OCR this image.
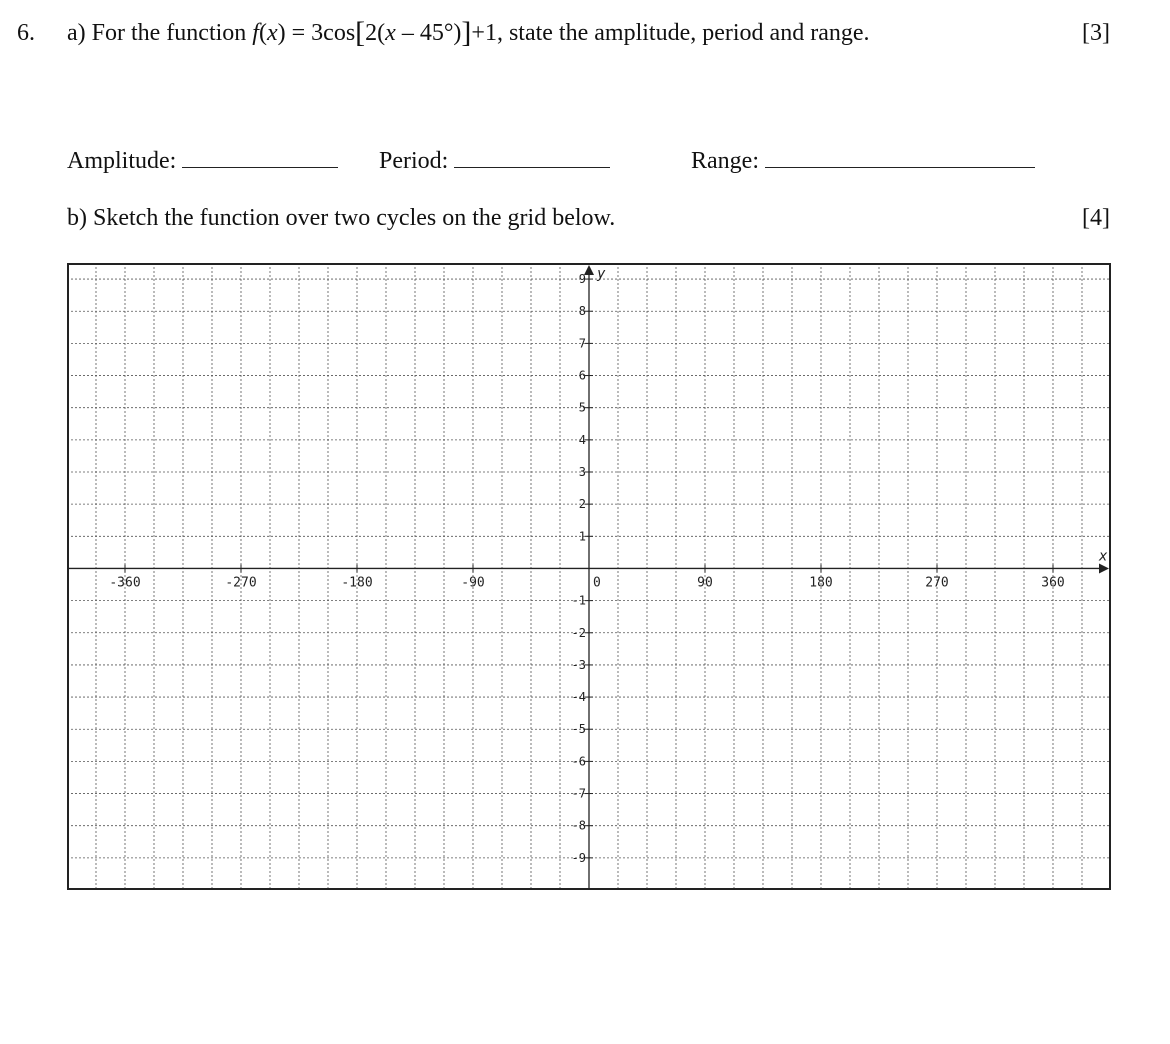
6. a) For the function f(x) = 3cos[2(x – 45°)]+1, state the amplitude, period and range.	[3]
Amplitude:	Period:	Range:
b) Sketch the function over two cycles on the grid below.	[4]
x
y
-360	-270	-180	-90	0	90	180	270	360
9
8
7
6
5
4
3
2
1
-1
-2
-3
-4
-5
-6
-7
-8
-9
